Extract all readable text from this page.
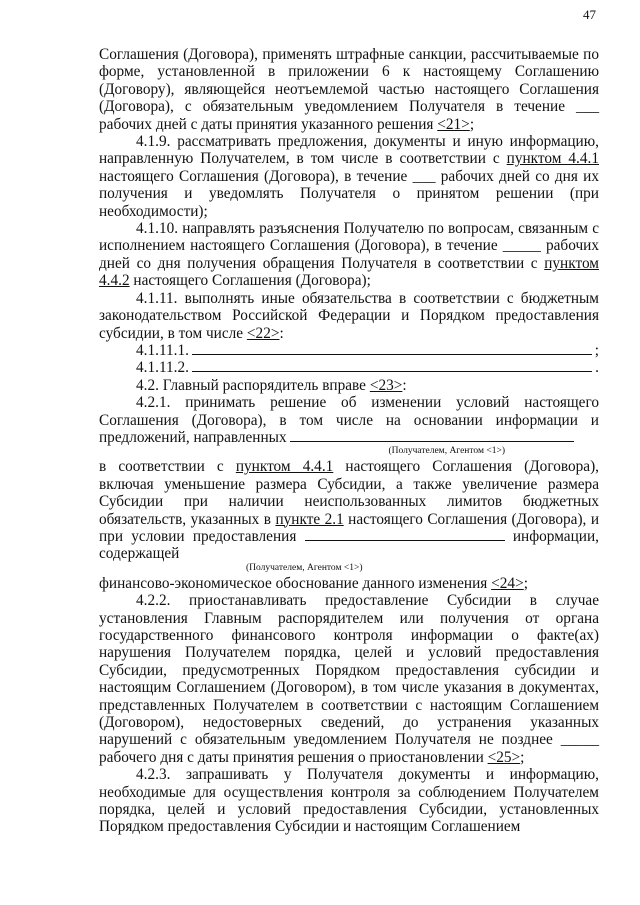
47

Соглашения (Договора), применять штрафные санкции, рассчитываемые по форме, установленной в приложении 6 к настоящему Соглашению (Договору), являющейся неотъемлемой частью настоящего Соглашения (Договора), с обязательным уведомлением Получателя в течение ___ рабочих дней с даты принятия указанного решения <21>;

4.1.9. рассматривать предложения, документы и иную информацию, направленную Получателем, в том числе в соответствии с пунктом 4.4.1 настоящего Соглашения (Договора), в течение ___ рабочих дней со дня их получения и уведомлять Получателя о принятом решении (при необходимости);

4.1.10. направлять разъяснения Получателю по вопросам, связанным с исполнением настоящего Соглашения (Договора), в течение _____ рабочих дней со дня получения обращения Получателя в соответствии с пунктом 4.4.2 настоящего Соглашения (Договора);

4.1.11. выполнять иные обязательства в соответствии с бюджетным законодательством Российской Федерации и Порядком предоставления субсидии, в том числе <22>:

4.1.11.1.	;
4.1.11.2.	.

4.2. Главный распорядитель вправе <23>:

4.2.1. принимать решение об изменении условий настоящего Соглашения (Договора), в том числе на основании информации и предложений, направленных

(Получателем, Агентом <1>)

в соответствии с пунктом 4.4.1 настоящего Соглашения (Договора), включая уменьшение размера Субсидии, а также увеличение размера Субсидии при наличии неиспользованных лимитов бюджетных обязательств, указанных в пункте 2.1 настоящего Соглашения (Договора), и при условии предоставления	информации, содержащей

(Получателем, Агентом <1>)

финансово-экономическое обоснование данного изменения <24>;

4.2.2. приостанавливать предоставление Субсидии в случае установления Главным распорядителем или получения от органа государственного финансового контроля информации о факте(ах) нарушения Получателем порядка, целей и условий предоставления Субсидии, предусмотренных Порядком предоставления субсидии и настоящим Соглашением (Договором), в том числе указания в документах, представленных Получателем в соответствии с настоящим Соглашением (Договором), недостоверных сведений, до устранения указанных нарушений с обязательным уведомлением Получателя не позднее _____ рабочего дня с даты принятия решения о приостановлении <25>;

4.2.3. запрашивать у Получателя документы и информацию, необходимые для осуществления контроля за соблюдением Получателем порядка, целей и условий предоставления Субсидии, установленных Порядком предоставления Субсидии и настоящим Соглашением
